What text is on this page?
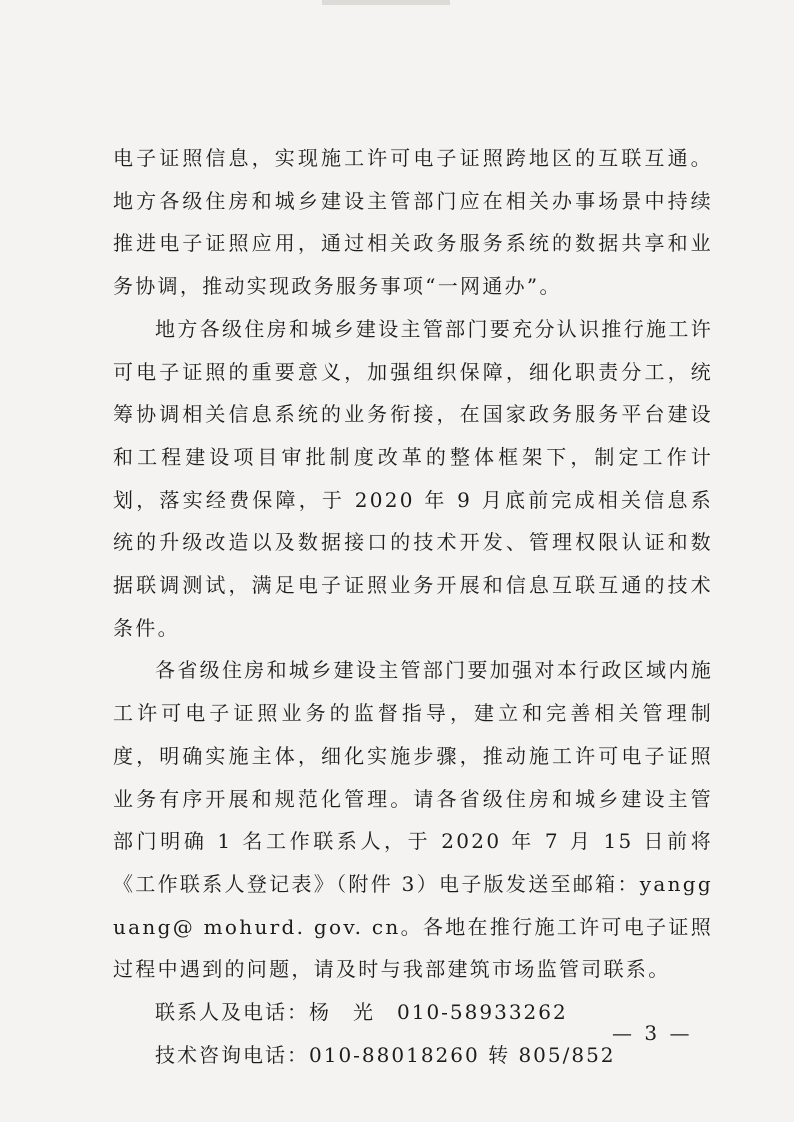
电子证照信息，实现施工许可电子证照跨地区的互联互通。地方各级住房和城乡建设主管部门应在相关办事场景中持续推进电子证照应用，通过相关政务服务系统的数据共享和业务协调，推动实现政务服务事项“一网通办”。

地方各级住房和城乡建设主管部门要充分认识推行施工许可电子证照的重要意义，加强组织保障，细化职责分工，统筹协调相关信息系统的业务衔接，在国家政务服务平台建设和工程建设项目审批制度改革的整体框架下，制定工作计划，落实经费保障，于 2020 年 9 月底前完成相关信息系统的升级改造以及数据接口的技术开发、管理权限认证和数据联调测试，满足电子证照业务开展和信息互联互通的技术条件。

各省级住房和城乡建设主管部门要加强对本行政区域内施工许可电子证照业务的监督指导，建立和完善相关管理制度，明确实施主体，细化实施步骤，推动施工许可电子证照业务有序开展和规范化管理。请各省级住房和城乡建设主管部门明确 1 名工作联系人，于 2020 年 7 月 15 日前将《工作联系人登记表》（附件 3）电子版发送至邮箱：yangguang@ mohurd. gov. cn。各地在推行施工许可电子证照过程中遇到的问题，请及时与我部建筑市场监管司联系。

联系人及电话：杨　光　010-58933262

技术咨询电话：010-88018260 转 805/852

— 3 —
